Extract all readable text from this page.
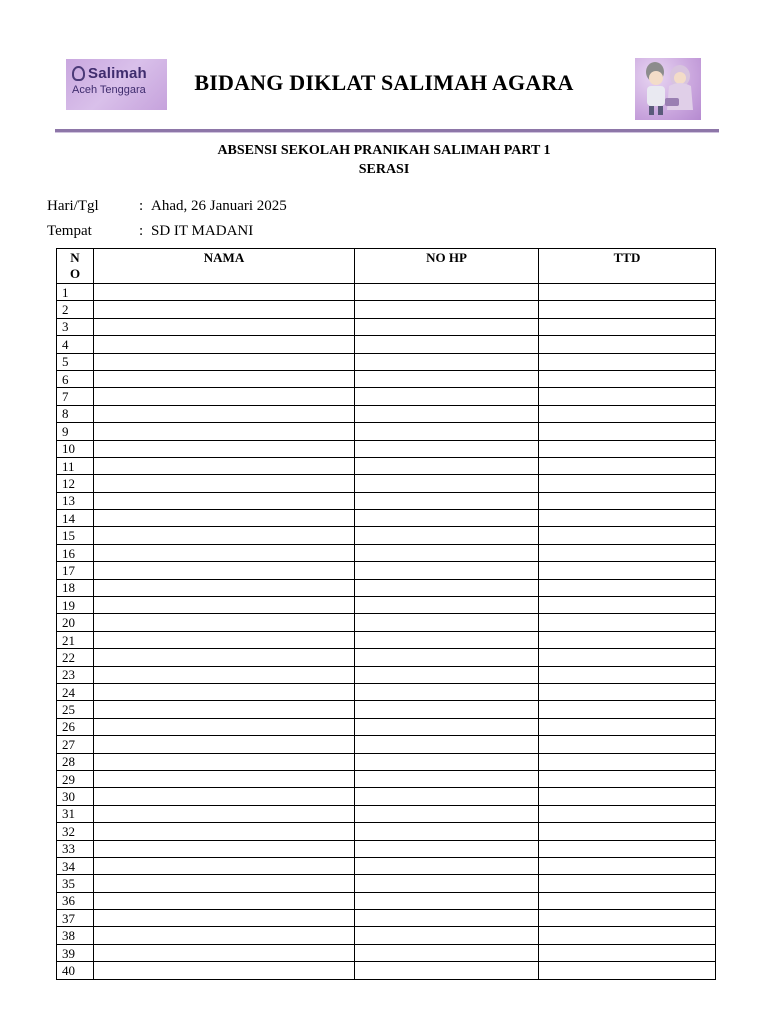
Salimah
Aceh Tenggara	BIDANG DIKLAT SALIMAH AGARA
ABSENSI SEKOLAH PRANIKAH SALIMAH PART 1
SERASI
Hari/Tgl	: Ahad, 26 Januari 2025
Tempat	: SD IT MADANI
N
O	NAMA	NO HP	TTD
1			
2			
3			
4			
5			
6			
7			
8			
9			
10			
11			
12			
13			
14			
15			
16			
17			
18			
19			
20			
21			
22			
23			
24			
25			
26			
27			
28			
29			
30			
31			
32			
33			
34			
35			
36			
37			
38			
39			
40			
